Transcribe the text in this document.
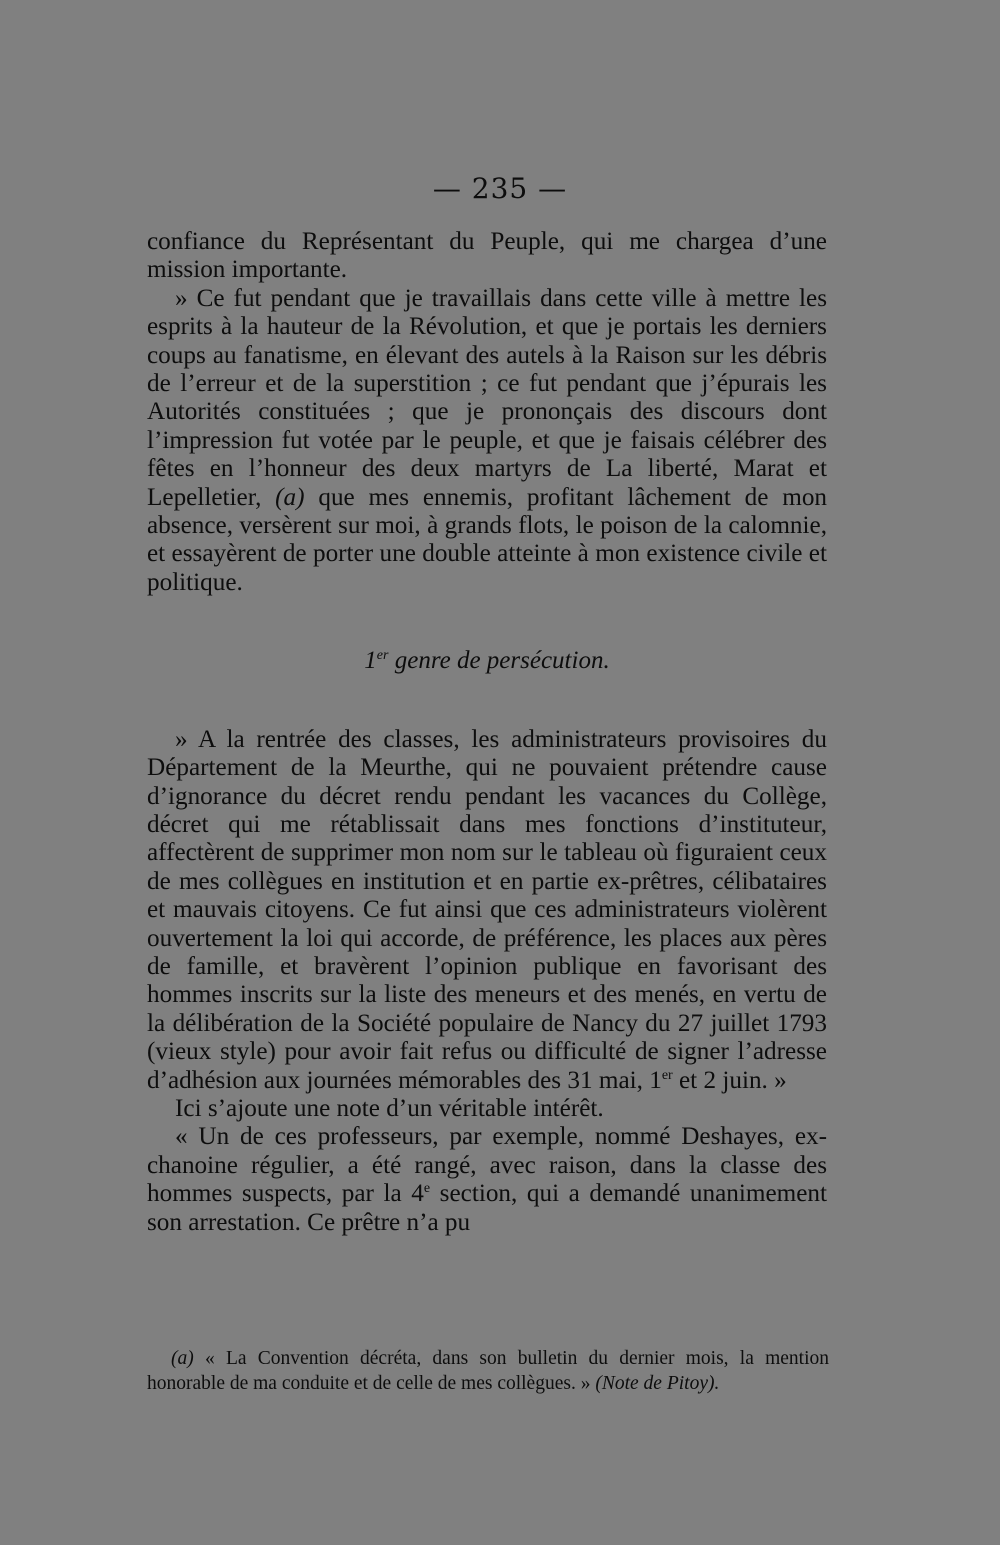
— 235 —

confiance du Représentant du Peuple, qui me chargea d’une mission importante.

» Ce fut pendant que je travaillais dans cette ville à mettre les esprits à la hauteur de la Révolution, et que je portais les derniers coups au fanatisme, en élevant des autels à la Raison sur les débris de l’erreur et de la superstition ; ce fut pendant que j’épurais les Autorités constituées ; que je prononçais des discours dont l’impression fut votée par le peuple, et que je faisais célébrer des fêtes en l’honneur des deux martyrs de La liberté, Marat et Lepelletier, (a) que mes ennemis, profitant lâchement de mon absence, versèrent sur moi, à grands flots, le poison de la calomnie, et essayèrent de porter une double atteinte à mon existence civile et politique.

1er genre de persécution.

» A la rentrée des classes, les administrateurs provisoires du Département de la Meurthe, qui ne pouvaient prétendre cause d’ignorance du décret rendu pendant les vacances du Collège, décret qui me rétablissait dans mes fonctions d’instituteur, affectèrent de supprimer mon nom sur le tableau où figuraient ceux de mes collègues en institution et en partie ex-prêtres, célibataires et mauvais citoyens. Ce fut ainsi que ces administrateurs violèrent ouvertement la loi qui accorde, de préférence, les places aux pères de famille, et bravèrent l’opinion publique en favorisant des hommes inscrits sur la liste des meneurs et des menés, en vertu de la délibération de la Société populaire de Nancy du 27 juillet 1793 (vieux style) pour avoir fait refus ou difficulté de signer l’adresse d’adhésion aux journées mémorables des 31 mai, 1er et 2 juin. »

Ici s’ajoute une note d’un véritable intérêt.

« Un de ces professeurs, par exemple, nommé Deshayes, ex-chanoine régulier, a été rangé, avec raison, dans la classe des hommes suspects, par la 4e section, qui a demandé unanimement son arrestation. Ce prêtre n’a pu

(a) « La Convention décréta, dans son bulletin du dernier mois, la mention honorable de ma conduite et de celle de mes collègues. » (Note de Pitoy).
